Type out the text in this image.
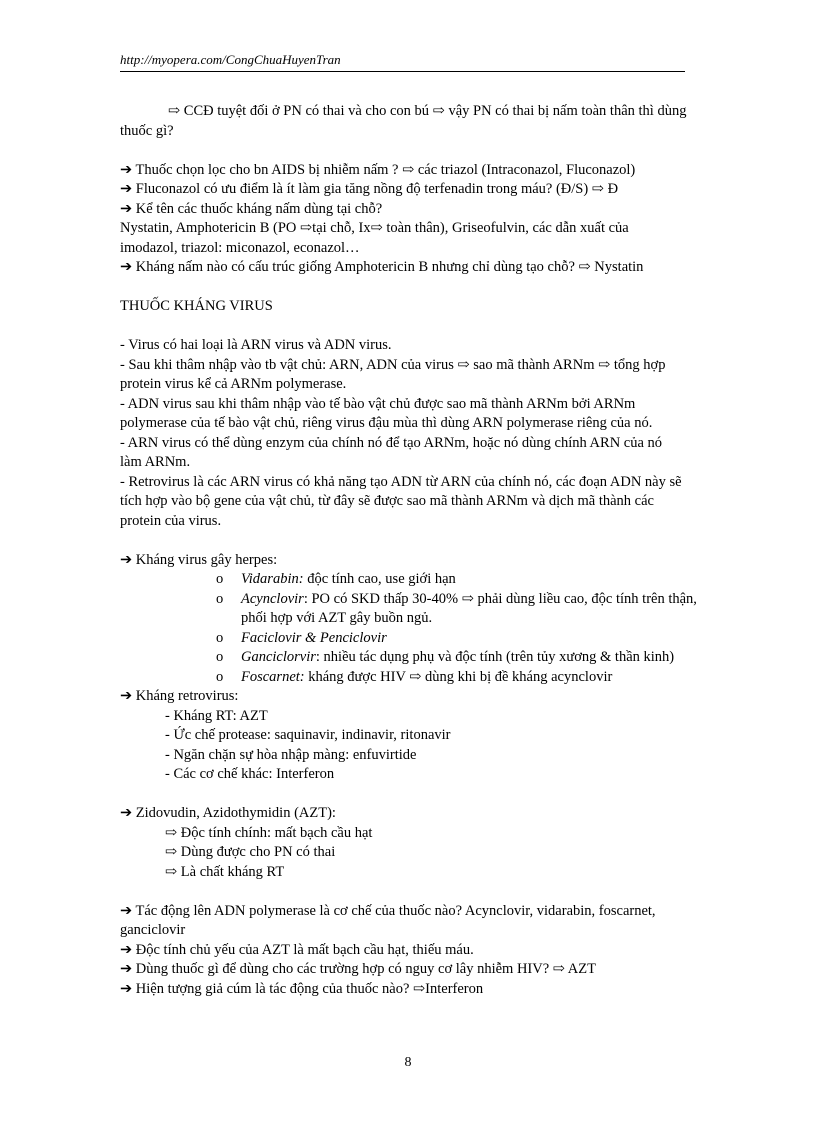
http://myopera.com/CongChuaHuyenTran

⇨ CCĐ tuyệt đối ở PN có thai và cho con bú ⇨ vậy PN có thai bị nấm toàn thân thì dùng

thuốc gì?

➔ Thuốc chọn lọc cho bn AIDS bị nhiễm nấm ? ⇨ các triazol (Intraconazol, Fluconazol)

➔ Fluconazol có ưu điểm là ít làm gia tăng nồng độ terfenadin trong máu? (Đ/S) ⇨ Đ

➔ Kể tên các thuốc kháng nấm dùng tại chỗ?

Nystatin, Amphotericin B (PO ⇨tại chỗ, Ix⇨ toàn thân), Griseofulvin, các dẫn xuất của

imodazol, triazol: miconazol, econazol…

➔ Kháng nấm nào có cấu trúc giống Amphotericin B nhưng chỉ dùng tạo chỗ? ⇨ Nystatin

THUỐC KHÁNG VIRUS

- Virus có hai loại là ARN virus và ADN virus.

- Sau khi thâm nhập vào tb vật chủ: ARN, ADN của virus ⇨ sao mã thành ARNm ⇨ tổng hợp

protein virus kể cả ARNm polymerase.

- ADN virus sau khi thâm nhập vào tế bào vật chủ được sao mã thành ARNm bởi ARNm

polymerase của tế bào vật chủ, riêng virus đậu mùa thì dùng ARN polymerase riêng của nó.

- ARN virus có thể dùng enzym của chính nó để tạo ARNm, hoặc nó dùng chính ARN của nó

làm ARNm.

- Retrovirus là các ARN virus có khả năng tạo ADN từ ARN của chính nó, các đoạn ADN này sẽ

tích hợp vào bộ gene của vật chủ, từ đây sẽ được sao mã thành ARNm và dịch mã thành các

protein của virus.

➔ Kháng virus gây herpes:

o Vidarabin: độc tính cao, use giới hạn
o Acynclovir: PO có SKD thấp 30-40% ⇨ phải dùng liều cao, độc tính trên thận,
phối hợp với AZT gây buồn ngủ.
o Faciclovir & Penciclovir
o Ganciclorvir: nhiều tác dụng phụ và độc tính (trên tủy xương & thần kinh)
o Foscarnet: kháng được HIV ⇨ dùng khi bị đề kháng acynclovir

➔ Kháng retrovirus:

- Kháng RT: AZT

- Ức chế protease: saquinavir, indinavir, ritonavir

- Ngăn chặn sự hòa nhập màng: enfuvirtide

- Các cơ chế khác: Interferon

➔ Zidovudin, Azidothymidin (AZT):

⇨ Độc tính chính: mất bạch cầu hạt

⇨ Dùng được cho PN có thai

⇨ Là chất kháng RT

➔ Tác động lên ADN polymerase là cơ chế của thuốc nào? Acynclovir, vidarabin, foscarnet,

ganciclovir

➔ Độc tính chủ yếu của AZT là mất bạch cầu hạt, thiếu máu.

➔ Dùng thuốc gì để dùng cho các trường hợp có nguy cơ lây nhiễm HIV? ⇨ AZT

➔ Hiện tượng giả cúm là tác động của thuốc nào? ⇨Interferon

8
